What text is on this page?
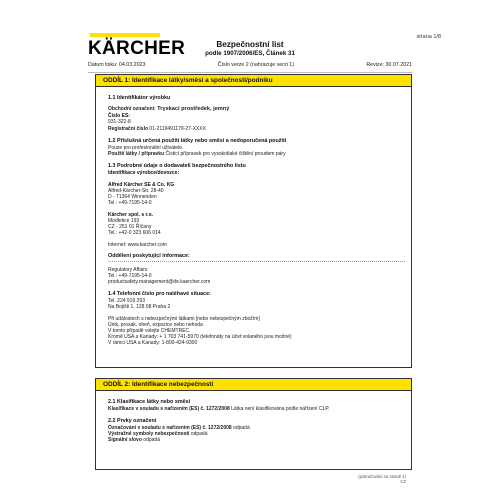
KÄRCHER
strana 1/8
Bezpečnostní list
podle 1907/2006/ES, Článek 31
Datum tisku: 04.03.2023	Číslo verze 2 (nahrazuje verzi 1)	Revize: 30.07.2021
ODDÍL 1: Identifikace látky/směsi a společnosti/podniku
1.1 Identifikátor výrobku
Obchodní označení: Tryskací prostředek, jemný
Číslo ES:
931-322-8
Registrační číslo 01-2119491179-27-XXXX
1.2 Příslušná určená použití látky nebo směsi a nedoporučená použití
Pouze pro profesionální uživatele.
Použití látky / přípravku Čisticí přípravek pro vysokotlaké čištění proudem páry
1.3 Podrobné údaje o dodavateli bezpečnostního listu
Identifikace výrobce/dovozce:
Alfred Kärcher SE & Co. KG
Alfred-Kärcher-Str. 28-40
D - 71364 Winnenden
Tel.: +49-7195-14-0
Kärcher spol. s r.o.
Modletice 193
CZ - 251 01 Říčany
Tel.: +42-0 323 606 014
Internet: www.karcher.com
Oddělení poskytující informace:
Regulatory Affairs
Tel.: +49-7195-14-0
productsafety.management@de.kaercher.com
1.4 Telefonní číslo pro naléhavé situace:
Tel. 224 919 293
Na Bojišti 1, 128 08 Praha 2
Při událostech s nebezpečnými látkami [nebo nebezpečným zbožím]
Únik, prosak, oheň, expozice nebo nehoda
V tomto případě volejte CHEMTREC.
Kromě USA a Kanady: + 1 703 741-5970 (telefonáty na účet volaného jsou možné)
V rámci USA a Kanady: 1-800-424-9300
ODDÍL 2: Identifikace nebezpečnosti
2.1 Klasifikace látky nebo směsi
Klasifikace v souladu s nařízením (ES) č. 1272/2008 Látka není klasifikována podle nařízení CLP.
2.2 Prvky označení
Označování v souladu s nařízením (ES) č. 1272/2008 odpadá
Výstražné symboly nebezpečnosti odpadá
Signální slovo odpadá
(pokračování na straně 2)
CZ
